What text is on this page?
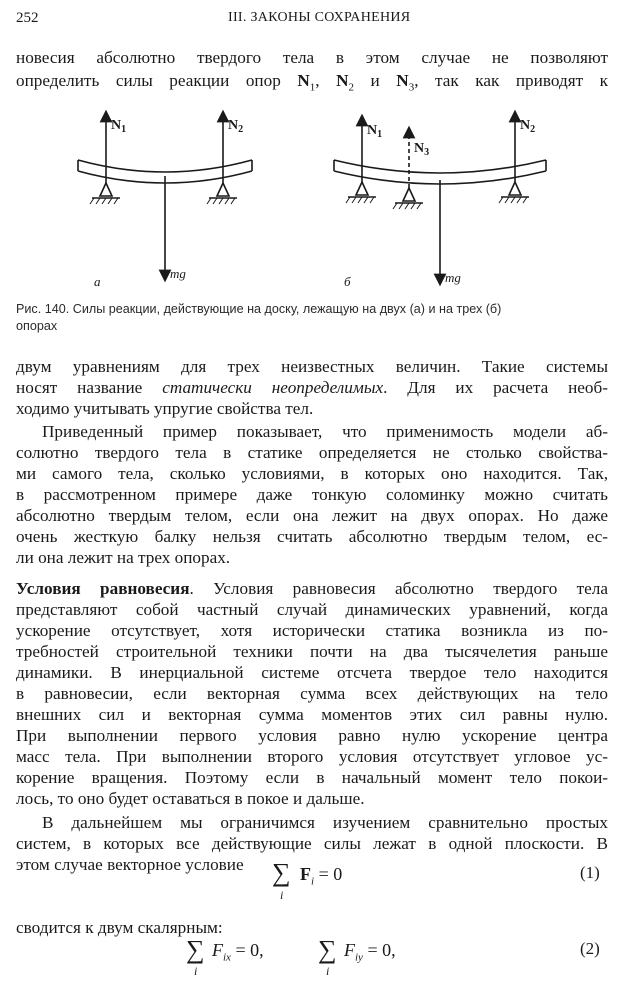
252	III. ЗАКОНЫ СОХРАНЕНИЯ
новесия абсолютно твердого тела в этом случае не позволяют
определить силы реакции опор $N_1$, $N_2$ и $N_3$, так как приводят к
$N_1$	$N_2$
mg
а
$N_1$
$N_3$
$N_2$
mg
б
Рис. 140. Силы реакции, действующие на доску, лежащую на двух (а) и на трех (б)
опорах
двум уравнениям для трех неизвестных величин. Такие системы
носят название статически неопределимых. Для их расчета необ-
ходимо учитывать упругие свойства тел.
Приведенный пример показывает, что применимость модели аб-
солютно твердого тела в статике определяется не столько свойства-
ми самого тела, сколько условиями, в которых оно находится. Так,
в рассмотренном примере даже тонкую соломинку можно считать
абсолютно твердым телом, если она лежит на двух опорах. Но даже
очень жесткую балку нельзя считать абсолютно твердым телом, ес-
ли она лежит на трех опорах.
Условия равновесия. Условия равновесия абсолютно твердого тела
представляют собой частный случай динамических уравнений, когда
ускорение отсутствует, хотя исторически статика возникла из по-
требностей строительной техники почти на два тысячелетия раньше
динамики. В инерциальной системе отсчета твердое тело находится
в равновесии, если векторная сумма всех действующих на тело
внешних сил и векторная сумма моментов этих сил равны нулю.
При выполнении первого условия равно нулю ускорение центра
масс тела. При выполнении второго условия отсутствует угловое ус-
корение вращения. Поэтому если в начальный момент тело покои-
лось, то оно будет оставаться в покое и дальше.
В дальнейшем мы ограничимся изучением сравнительно простых
систем, в которых все действующие силы лежат в одной плоскости. В
этом случае векторное условие	∑
i
$F_i = 0$	(1)
сводится к двум скалярным:
∑
i
$F_{ix} = 0$, ∑
i
$F_{iy} = 0$,	(2)
